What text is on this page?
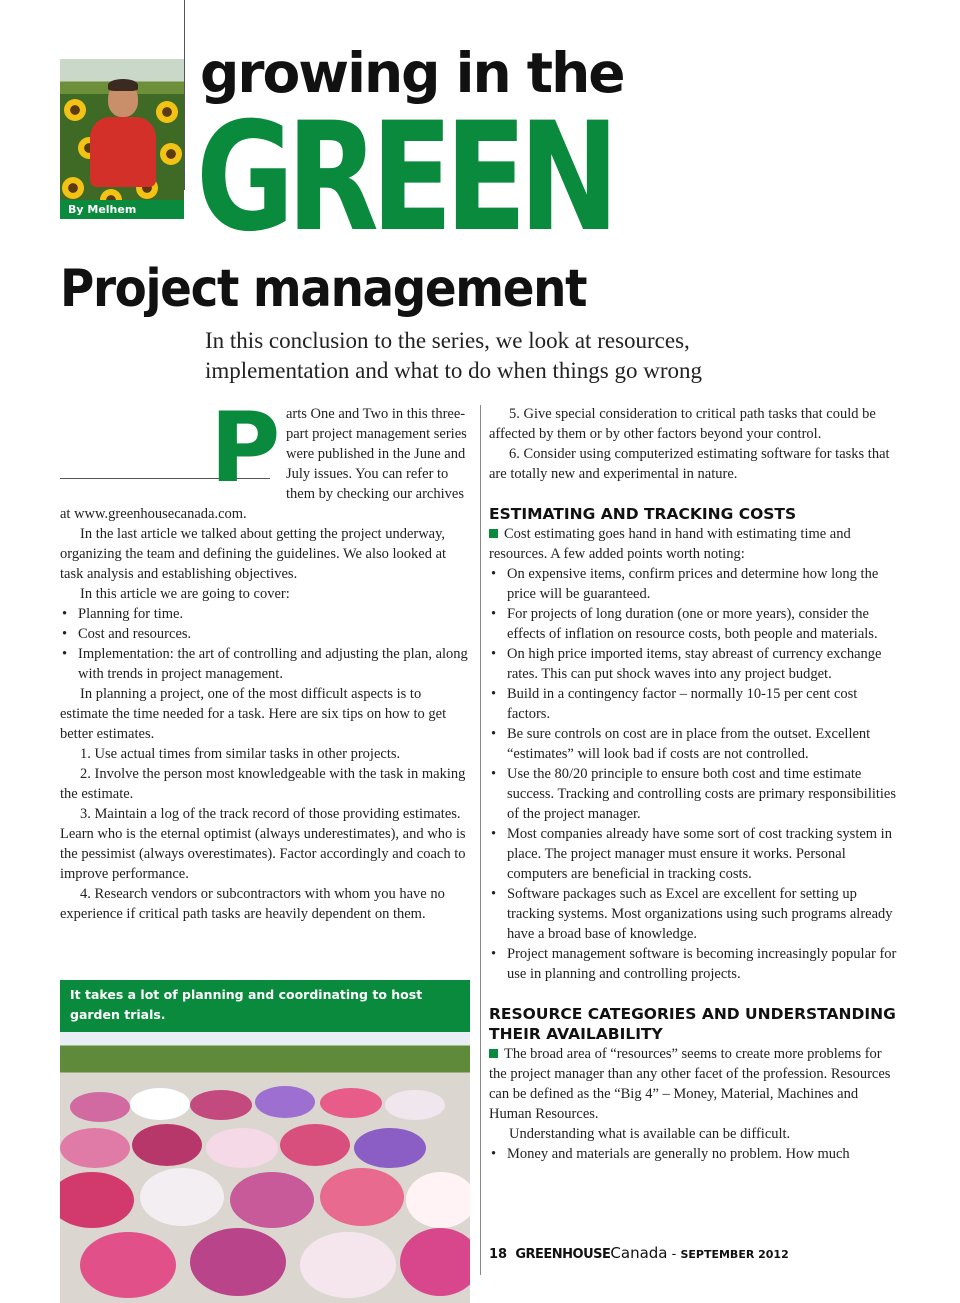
By Melhem Sawaya
growing in the
GREEN
Project management
In this conclusion to the series, we look at resources, implementation and what to do when things go wrong
P arts One and Two in this three-part project management series were published in the June and July issues. You can refer to them by checking our archives at www.greenhousecanada.com.

In the last article we talked about getting the project underway, organizing the team and defining the guidelines. We also looked at task analysis and establishing objectives.

In this article we are going to cover:

• Planning for time.
• Cost and resources.
• Implementation: the art of controlling and adjusting the plan, along with trends in project management.

In planning a project, one of the most difficult aspects is to estimate the time needed for a task. Here are six tips on how to get better estimates.

1. Use actual times from similar tasks in other projects.

2. Involve the person most knowledgeable with the task in making the estimate.

3. Maintain a log of the track record of those providing estimates. Learn who is the eternal optimist (always underestimates), and who is the pessimist (always overestimates). Factor accordingly and coach to improve performance.

4. Research vendors or subcontractors with whom you have no experience if critical path tasks are heavily dependent on them.

It takes a lot of planning and coordinating to host garden trials.

5. Give special consideration to critical path tasks that could be affected by them or by other factors beyond your control.

6. Consider using computerized estimating software for tasks that are totally new and experimental in nature.

ESTIMATING AND TRACKING COSTS

Cost estimating goes hand in hand with estimating time and resources. A few added points worth noting:

• On expensive items, confirm prices and determine how long the price will be guaranteed.
• For projects of long duration (one or more years), consider the effects of inflation on resource costs, both people and materials.
• On high price imported items, stay abreast of currency exchange rates. This can put shock waves into any project budget.
• Build in a contingency factor – normally 10-15 per cent cost factors.
• Be sure controls on cost are in place from the outset. Excellent “estimates” will look bad if costs are not controlled.
• Use the 80/20 principle to ensure both cost and time estimate success. Tracking and controlling costs are primary responsibilities of the project manager.
• Most companies already have some sort of cost tracking system in place. The project manager must ensure it works. Personal computers are beneficial in tracking costs.
• Software packages such as Excel are excellent for setting up tracking systems. Most organizations using such programs already have a broad base of knowledge.
• Project management software is becoming increasingly popular for use in planning and controlling projects.
RESOURCE CATEGORIES AND UNDERSTANDING THEIR AVAILABILITY

The broad area of “resources” seems to create more problems for the project manager than any other facet of the profession. Resources can be defined as the “Big 4” – Money, Material, Machines and Human Resources.

Understanding what is available can be difficult.

• Money and materials are generally no problem. How much
18 GREENHOUSECanada - SEPTEMBER 2012
